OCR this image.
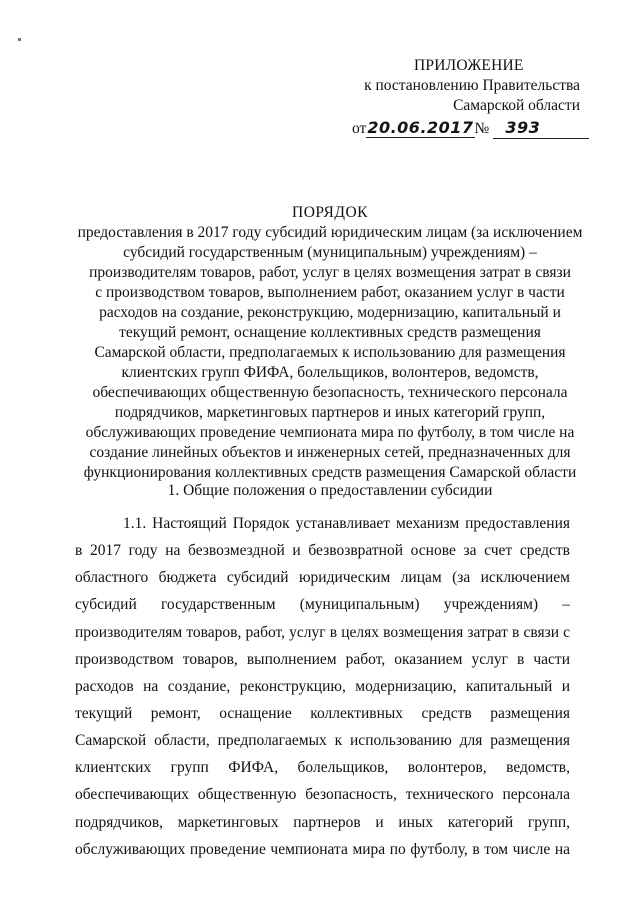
ПРИЛОЖЕНИЕ
к постановлению Правительства
Самарской области
от20.06.2017№ 393
ПОРЯДОК
предоставления в 2017 году субсидий юридическим лицам (за исключением
субсидий государственным (муниципальным) учреждениям) –
производителям товаров, работ, услуг в целях возмещения затрат в связи
с производством товаров, выполнением работ, оказанием услуг в части
расходов на создание, реконструкцию, модернизацию, капитальный и
текущий ремонт, оснащение коллективных средств размещения
Самарской области, предполагаемых к использованию для размещения
клиентских групп ФИФА, болельщиков, волонтеров, ведомств,
обеспечивающих общественную безопасность, технического персонала
подрядчиков, маркетинговых партнеров и иных категорий групп,
обслуживающих проведение чемпионата мира по футболу, в том числе на
создание линейных объектов и инженерных сетей, предназначенных для
функционирования коллективных средств размещения Самарской области
1. Общие положения о предоставлении субсидии
1.1. Настоящий Порядок устанавливает механизм предоставления
в 2017 году на безвозмездной и безвозвратной основе за счет средств
областного бюджета субсидий юридическим лицам (за исключением
субсидий государственным (муниципальным) учреждениям) –
производителям товаров, работ, услуг в целях возмещения затрат в связи с
производством товаров, выполнением работ, оказанием услуг в части
расходов на создание, реконструкцию, модернизацию, капитальный и
текущий ремонт, оснащение коллективных средств размещения
Самарской области, предполагаемых к использованию для размещения
клиентских групп ФИФА, болельщиков, волонтеров, ведомств,
обеспечивающих общественную безопасность, технического персонала
подрядчиков, маркетинговых партнеров и иных категорий групп,
обслуживающих проведение чемпионата мира по футболу, в том числе на
